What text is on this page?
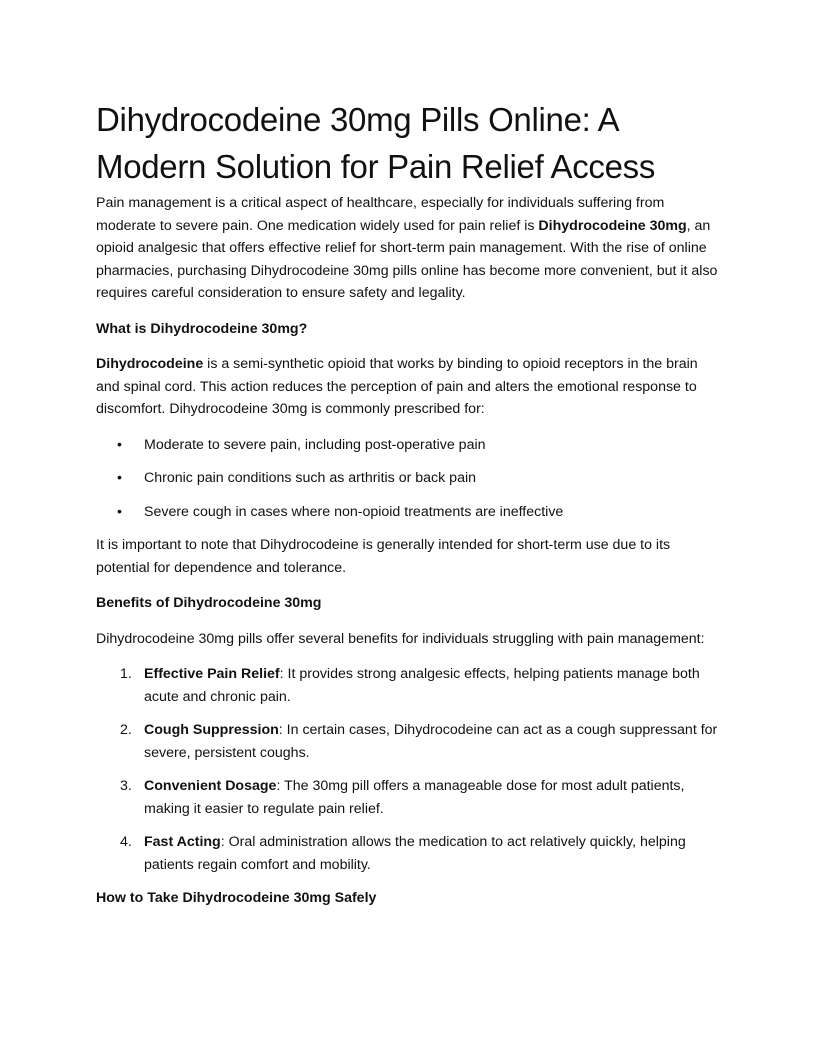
Dihydrocodeine 30mg Pills Online: A Modern Solution for Pain Relief Access

Pain management is a critical aspect of healthcare, especially for individuals suffering from moderate to severe pain. One medication widely used for pain relief is Dihydrocodeine 30mg, an opioid analgesic that offers effective relief for short-term pain management. With the rise of online pharmacies, purchasing Dihydrocodeine 30mg pills online has become more convenient, but it also requires careful consideration to ensure safety and legality.

What is Dihydrocodeine 30mg?

Dihydrocodeine is a semi-synthetic opioid that works by binding to opioid receptors in the brain and spinal cord. This action reduces the perception of pain and alters the emotional response to discomfort. Dihydrocodeine 30mg is commonly prescribed for:

• Moderate to severe pain, including post-operative pain
• Chronic pain conditions such as arthritis or back pain
• Severe cough in cases where non-opioid treatments are ineffective

It is important to note that Dihydrocodeine is generally intended for short-term use due to its potential for dependence and tolerance.

Benefits of Dihydrocodeine 30mg

Dihydrocodeine 30mg pills offer several benefits for individuals struggling with pain management:

1. Effective Pain Relief: It provides strong analgesic effects, helping patients manage both acute and chronic pain.
2. Cough Suppression: In certain cases, Dihydrocodeine can act as a cough suppressant for severe, persistent coughs.
3. Convenient Dosage: The 30mg pill offers a manageable dose for most adult patients, making it easier to regulate pain relief.
4. Fast Acting: Oral administration allows the medication to act relatively quickly, helping patients regain comfort and mobility.
How to Take Dihydrocodeine 30mg Safely
